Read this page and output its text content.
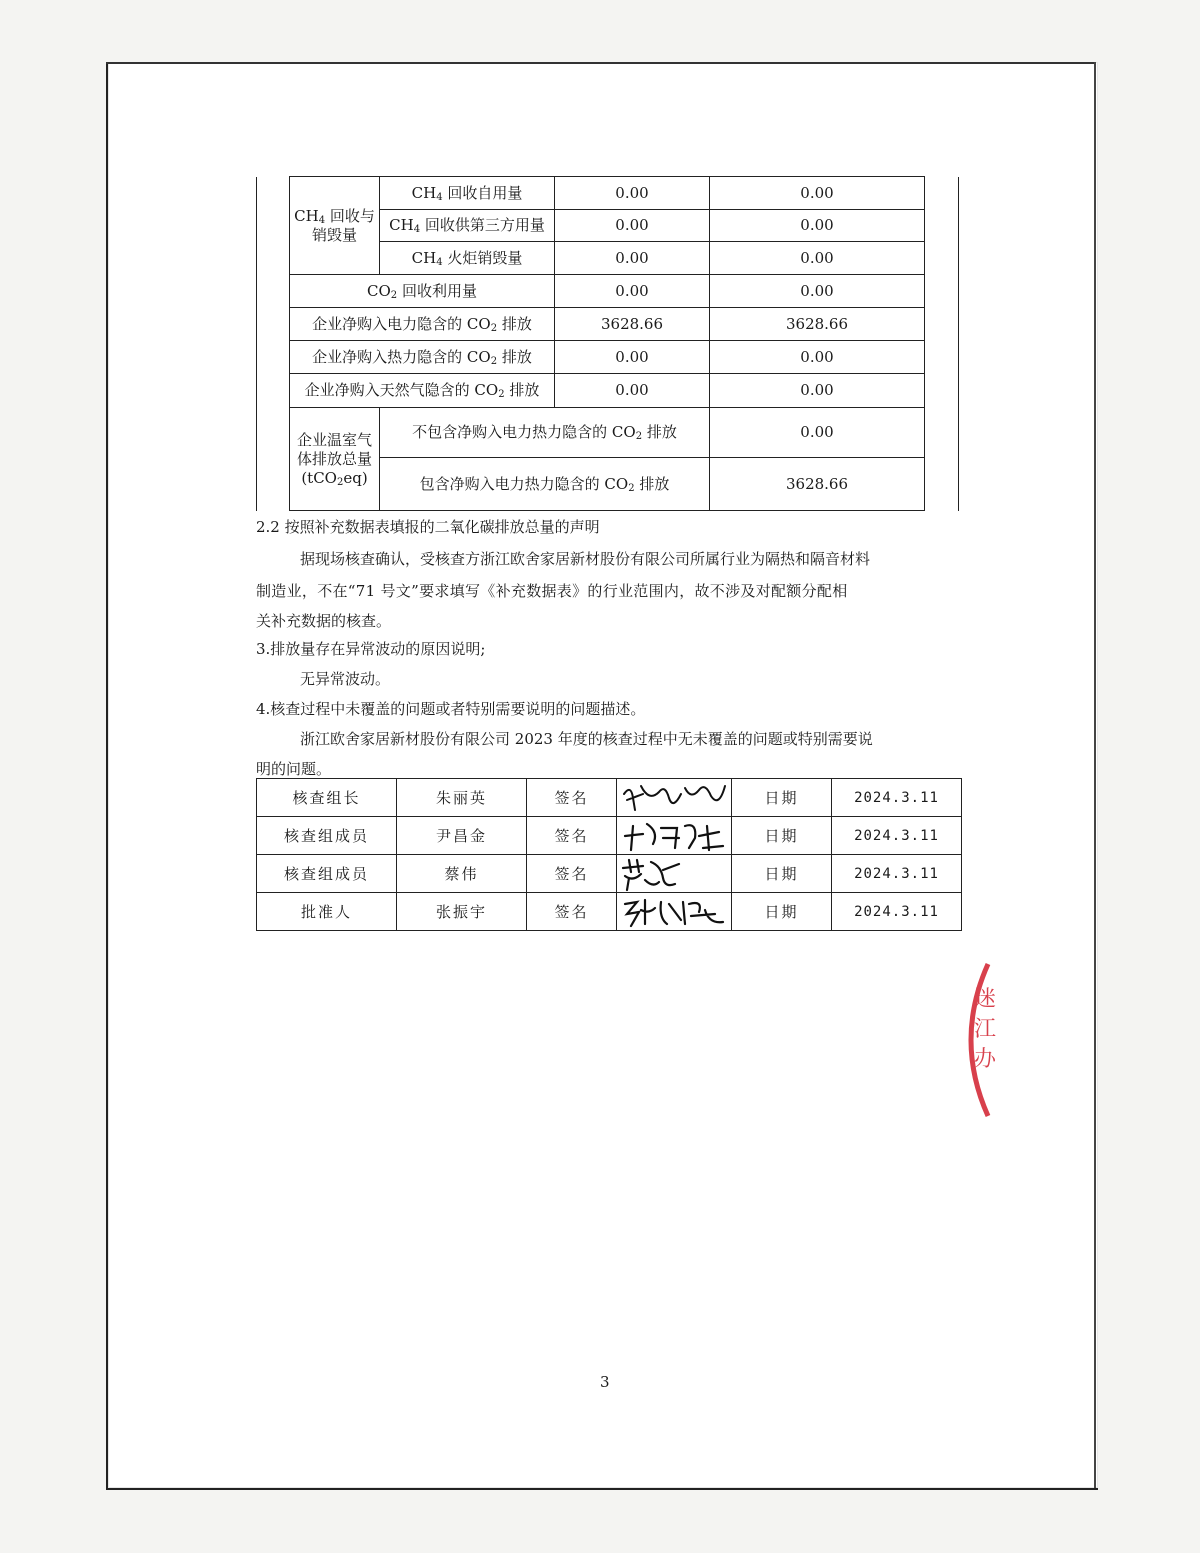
	$CH_4$ 回收与
销毁量	$CH_4$ 回收自用量	0.00	0.00	
		$CH_4$ 回收供第三方用量	0.00	0.00	
		$CH_4$ 火炬销毁量	0.00	0.00	
	$CO_2$ 回收利用量		0.00	0.00	
	企业净购入电力隐含的 $CO_2$ 排放		3628.66	3628.66	
	企业净购入热力隐含的 $CO_2$ 排放		0.00	0.00	
	企业净购入天然气隐含的 $CO_2$ 排放		0.00	0.00	
	企业温室气
体排放总量
(tCO$_2$eq)	不包含净购入电力热力隐含的 $CO_2$ 排放		0.00	
		包含净购入电力热力隐含的 $CO_2$ 排放		3628.66	
2.2 按照补充数据表填报的二氧化碳排放总量的声明
据现场核查确认，受核查方浙江欧舍家居新材股份有限公司所属行业为隔热和隔音材料
制造业，不在“71 号文”要求填写《补充数据表》的行业范围内，故不涉及对配额分配相
关补充数据的核查。
3.排放量存在异常波动的原因说明;
无异常波动。
4.核查过程中未覆盖的问题或者特别需要说明的问题描述。
浙江欧舍家居新材股份有限公司 2023 年度的核查过程中无未覆盖的问题或特别需要说
明的问题。
核查组长	朱丽英	签名		日期	2024.3.11
核查组成员	尹昌金	签名		日期	2024.3.11
核查组成员	蔡伟	签名		日期	2024.3.11
批准人	张振宇	签名		日期	2024.3.11
迷江办·
3
